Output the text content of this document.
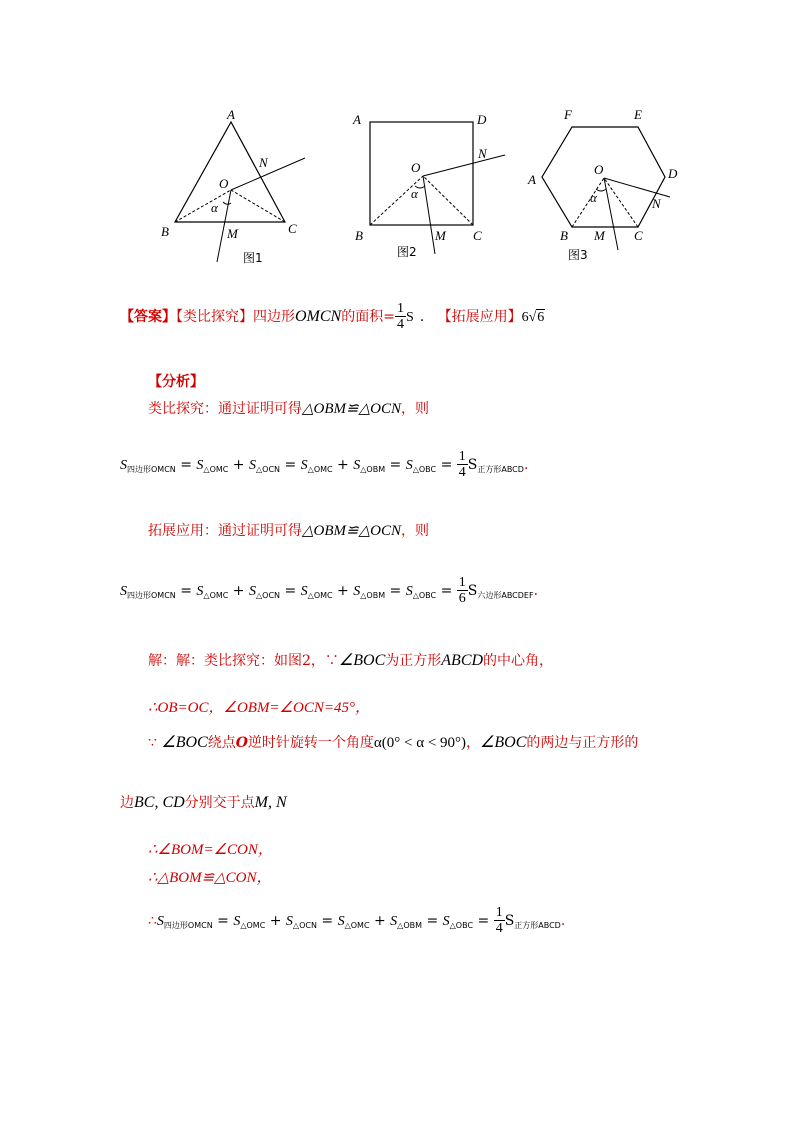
A
B	C
O
N
M
α
图1
A	D
B	C
O
N
M
α
图2
F	E
A	D
B	C
O
N
M
α
图3
【答案】【类比探究】四边形OMCN的面积= $\frac{1}{4}$ S . 【拓展应用】6√6
【分析】
类比探究：通过证明可得△OBM≌△OCN，则
$S_{四边形OMCN} = S_{\triangle OMC} + S_{\triangle OCN} = S_{\triangle OMC} + S_{\triangle OBM} = S_{\triangle OBC} = \frac{1}{4} S_{正方形ABCD}$.
拓展应用：通过证明可得△OBM≌△OCN，则
$S_{四边形OMCN} = S_{\triangle OMC} + S_{\triangle OCN} = S_{\triangle OMC} + S_{\triangle OBM} = S_{\triangle OBC} = \frac{1}{6} S_{六边形ABCDEF}$.
解：解：类比探究：如图2，∵∠BOC为正方形ABCD的中心角，
∴OB=OC，∠OBM=∠OCN=45°，
∵ ∠BOC绕点O逆时针旋转一个角度α(0° < α < 90°)，∠BOC的两边与正方形的
边BC, CD分别交于点M, N
∴∠BOM=∠CON，
∴△BOM≌△CON，
$\therefore S_{四边形OMCN} = S_{\triangle OMC} + S_{\triangle OCN} = S_{\triangle OMC} + S_{\triangle OBM} = S_{\triangle OBC} = \frac{1}{4} S_{正方形ABCD}$.
